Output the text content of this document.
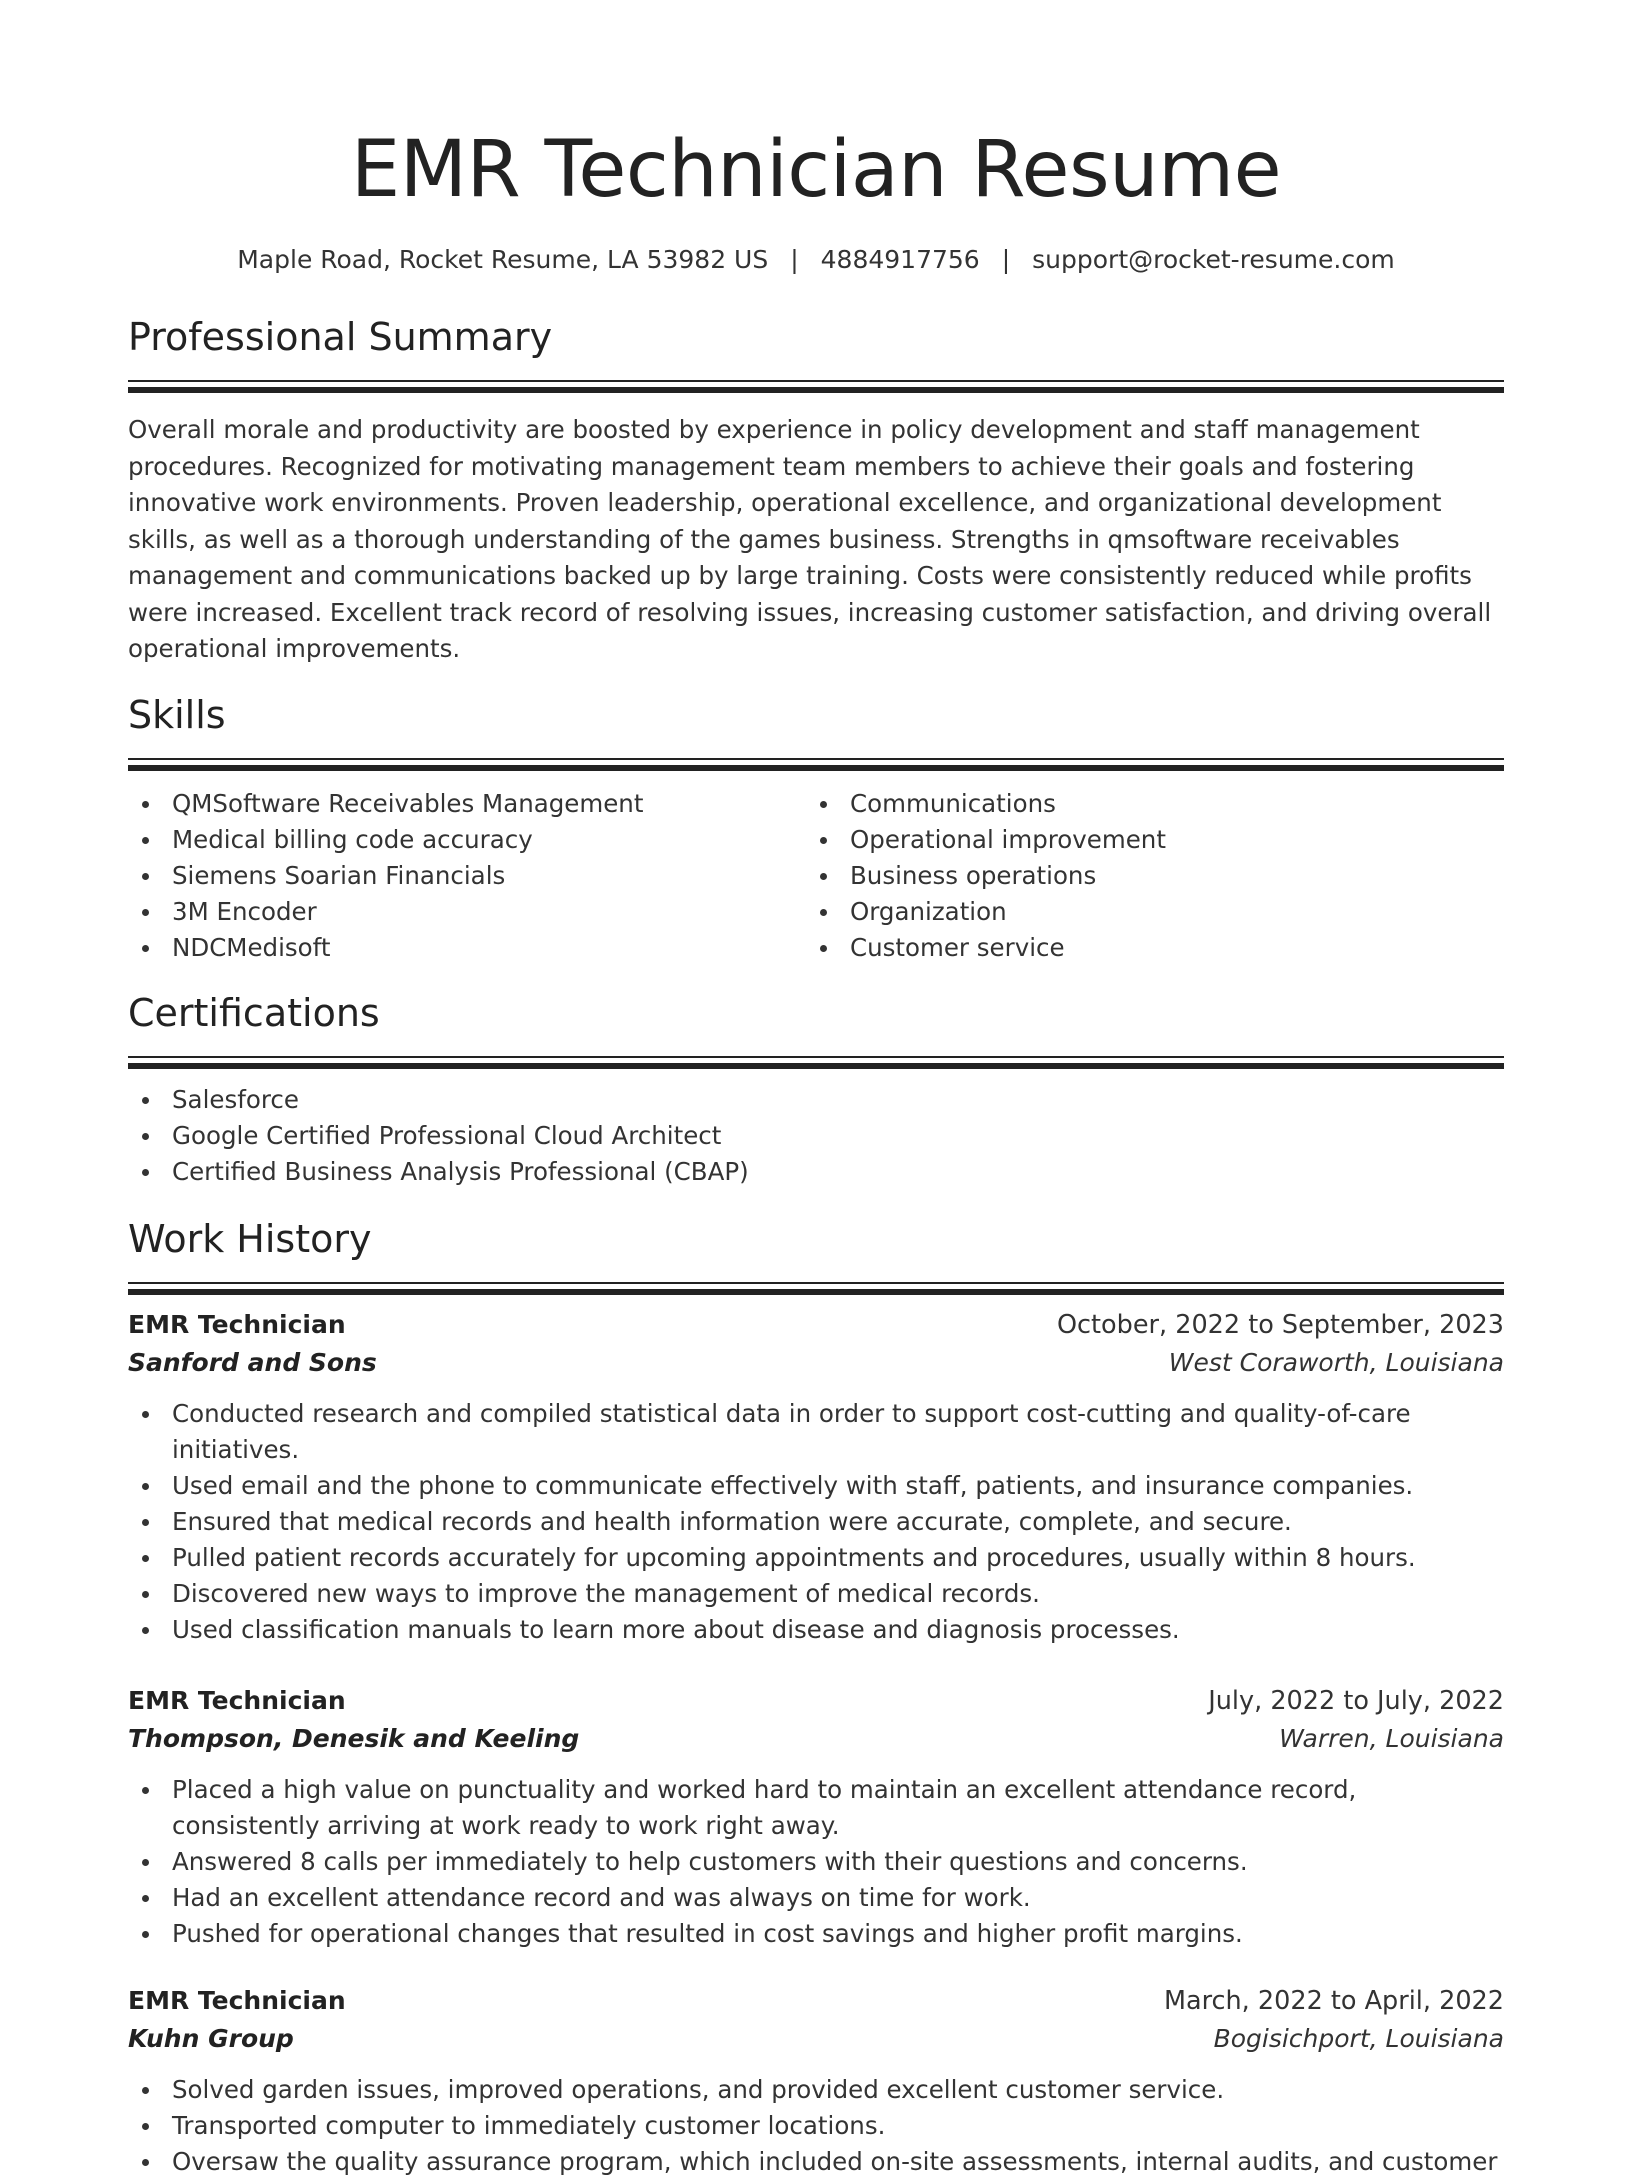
EMR Technician Resume
Maple Road, Rocket Resume, LA 53982 US | 4884917756 | support@rocket-resume.com
Professional Summary

Overall morale and productivity are boosted by experience in policy development and staff management procedures. Recognized for motivating management team members to achieve their goals and fostering innovative work environments. Proven leadership, operational excellence, and organizational development skills, as well as a thorough understanding of the games business. Strengths in qmsoftware receivables management and communications backed up by large training. Costs were consistently reduced while profits were increased. Excellent track record of resolving issues, increasing customer satisfaction, and driving overall operational improvements.

Skills
QMSoftware Receivables Management
Medical billing code accuracy
Siemens Soarian Financials
3M Encoder
NDCMedisoft
Communications
Operational improvement
Business operations
Organization
Customer service
Certifications
Salesforce
Google Certified Professional Cloud Architect
Certified Business Analysis Professional (CBAP)
Work History
EMR Technician	October, 2022 to September, 2023
Sanford and Sons	West Coraworth, Louisiana
Conducted research and compiled statistical data in order to support cost-cutting and quality-of-care initiatives.
Used email and the phone to communicate effectively with staff, patients, and insurance companies.
Ensured that medical records and health information were accurate, complete, and secure.
Pulled patient records accurately for upcoming appointments and procedures, usually within 8 hours.
Discovered new ways to improve the management of medical records.
Used classification manuals to learn more about disease and diagnosis processes.
EMR Technician	July, 2022 to July, 2022
Thompson, Denesik and Keeling	Warren, Louisiana
Placed a high value on punctuality and worked hard to maintain an excellent attendance record, consistently arriving at work ready to work right away.
Answered 8 calls per immediately to help customers with their questions and concerns.
Had an excellent attendance record and was always on time for work.
Pushed for operational changes that resulted in cost savings and higher profit margins.
EMR Technician	March, 2022 to April, 2022
Kuhn Group	Bogisichport, Louisiana
Solved garden issues, improved operations, and provided excellent customer service.
Transported computer to immediately customer locations.
Oversaw the quality assurance program, which included on-site assessments, internal audits, and customer
